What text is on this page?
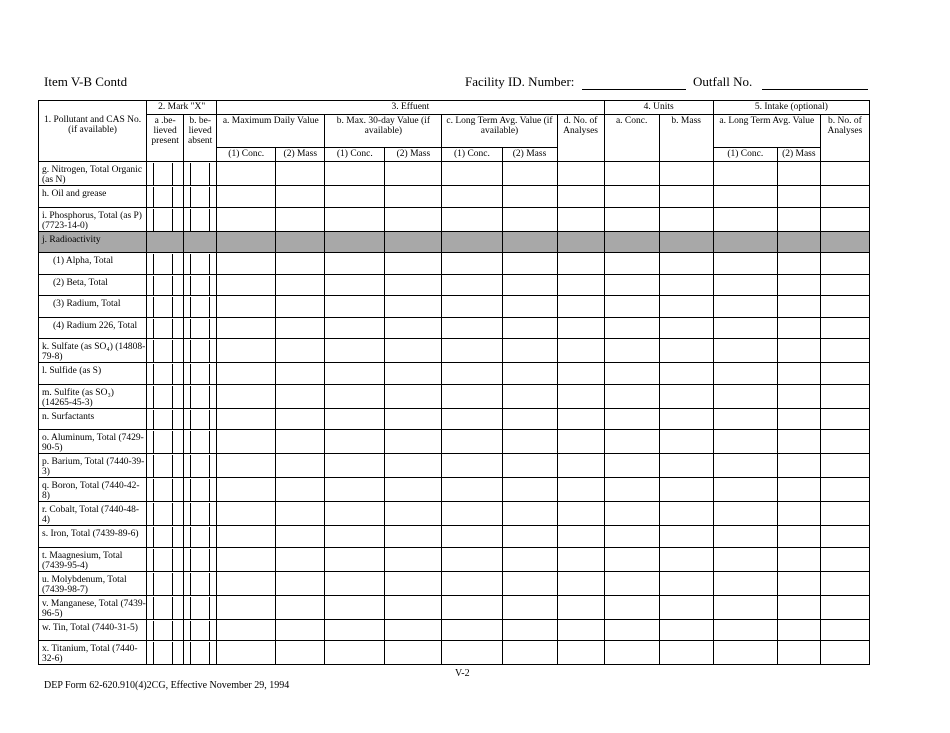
Item V-B Contd	Facility ID. Number:	Outfall No.
1. Pollutant and CAS No. (if available)	2. Mark "X"		3. Effuent							4. Units		5. Intake (optional)		
	a .be- lieved present	b. be- lieved absent	a. Maximum Daily Value		b. Max. 30-day Value (if available)		c. Long Term Avg. Value (if available)		d. No. of Analyses	a. Conc.	b. Mass	a. Long Term Avg. Value		b. No. of Analyses
			(1) Conc.	(2) Mass	(1) Conc.	(2) Mass	(1) Conc.	(2) Mass				(1) Conc.	(2) Mass	
g. Nitrogen, Total Organic (as N)	

h. Oil and grease	

i. Phosphorus, Total (as P) (7723-14-0)	

j. Radioactivity														
(1) Alpha, Total	

(2) Beta, Total	

(3) Radium, Total	

(4) Radium 226, Total	

k. Sulfate (as SO₄) (14808-79-8)	

l. Sulfide (as S)	

m. Sulfite (as SO₃) (14265-45-3)	

n. Surfactants	

o. Aluminum, Total (7429-90-5)	

p. Barium, Total (7440-39-3)	

q. Boron, Total (7440-42-8)	

r. Cobalt, Total (7440-48-4)	

s. Iron, Total (7439-89-6)	

t. Maagnesium, Total (7439-95-4)	

u. Molybdenum, Total (7439-98-7)	

v. Manganese, Total (7439-96-5)	

w. Tin, Total (7440-31-5)	

x. Titanium, Total (7440-32-6)	

V-2
DEP Form 62-620.910(4)2CG, Effective November 29, 1994
